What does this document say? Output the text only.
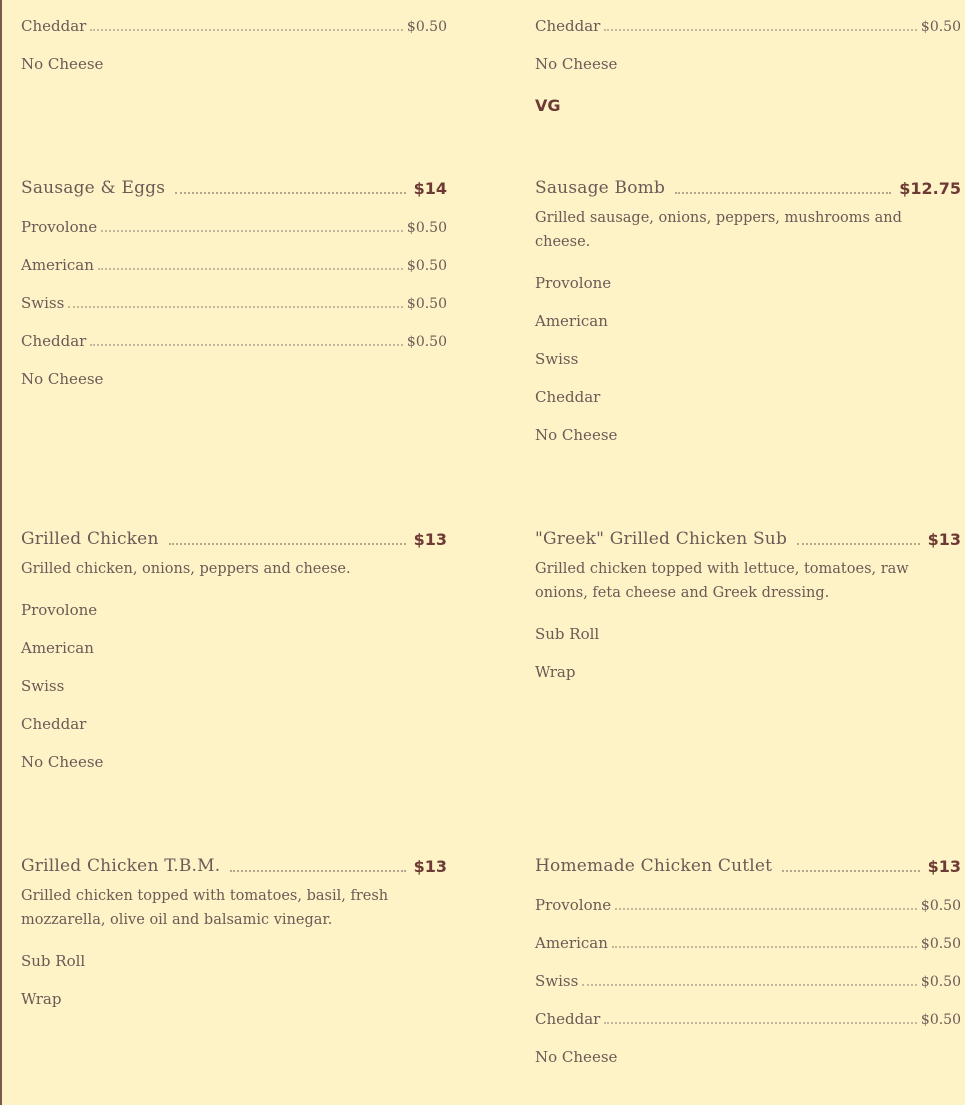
Cheddar	$0.50
No Cheese
Cheddar	$0.50
No Cheese
VG
Sausage & Eggs	$14
Provolone	$0.50
American	$0.50
Swiss	$0.50
Cheddar	$0.50
No Cheese
Sausage Bomb	$12.75
Grilled sausage, onions, peppers, mushrooms and cheese.
Provolone
American
Swiss
Cheddar
No Cheese
Grilled Chicken	$13
Grilled chicken, onions, peppers and cheese.
Provolone
American
Swiss
Cheddar
No Cheese
"Greek" Grilled Chicken Sub	$13
Grilled chicken topped with lettuce, tomatoes, raw onions, feta cheese and Greek dressing.
Sub Roll
Wrap
Grilled Chicken T.B.M.	$13
Grilled chicken topped with tomatoes, basil, fresh mozzarella, olive oil and balsamic vinegar.
Sub Roll
Wrap
Homemade Chicken Cutlet	$13
Provolone	$0.50
American	$0.50
Swiss	$0.50
Cheddar	$0.50
No Cheese
